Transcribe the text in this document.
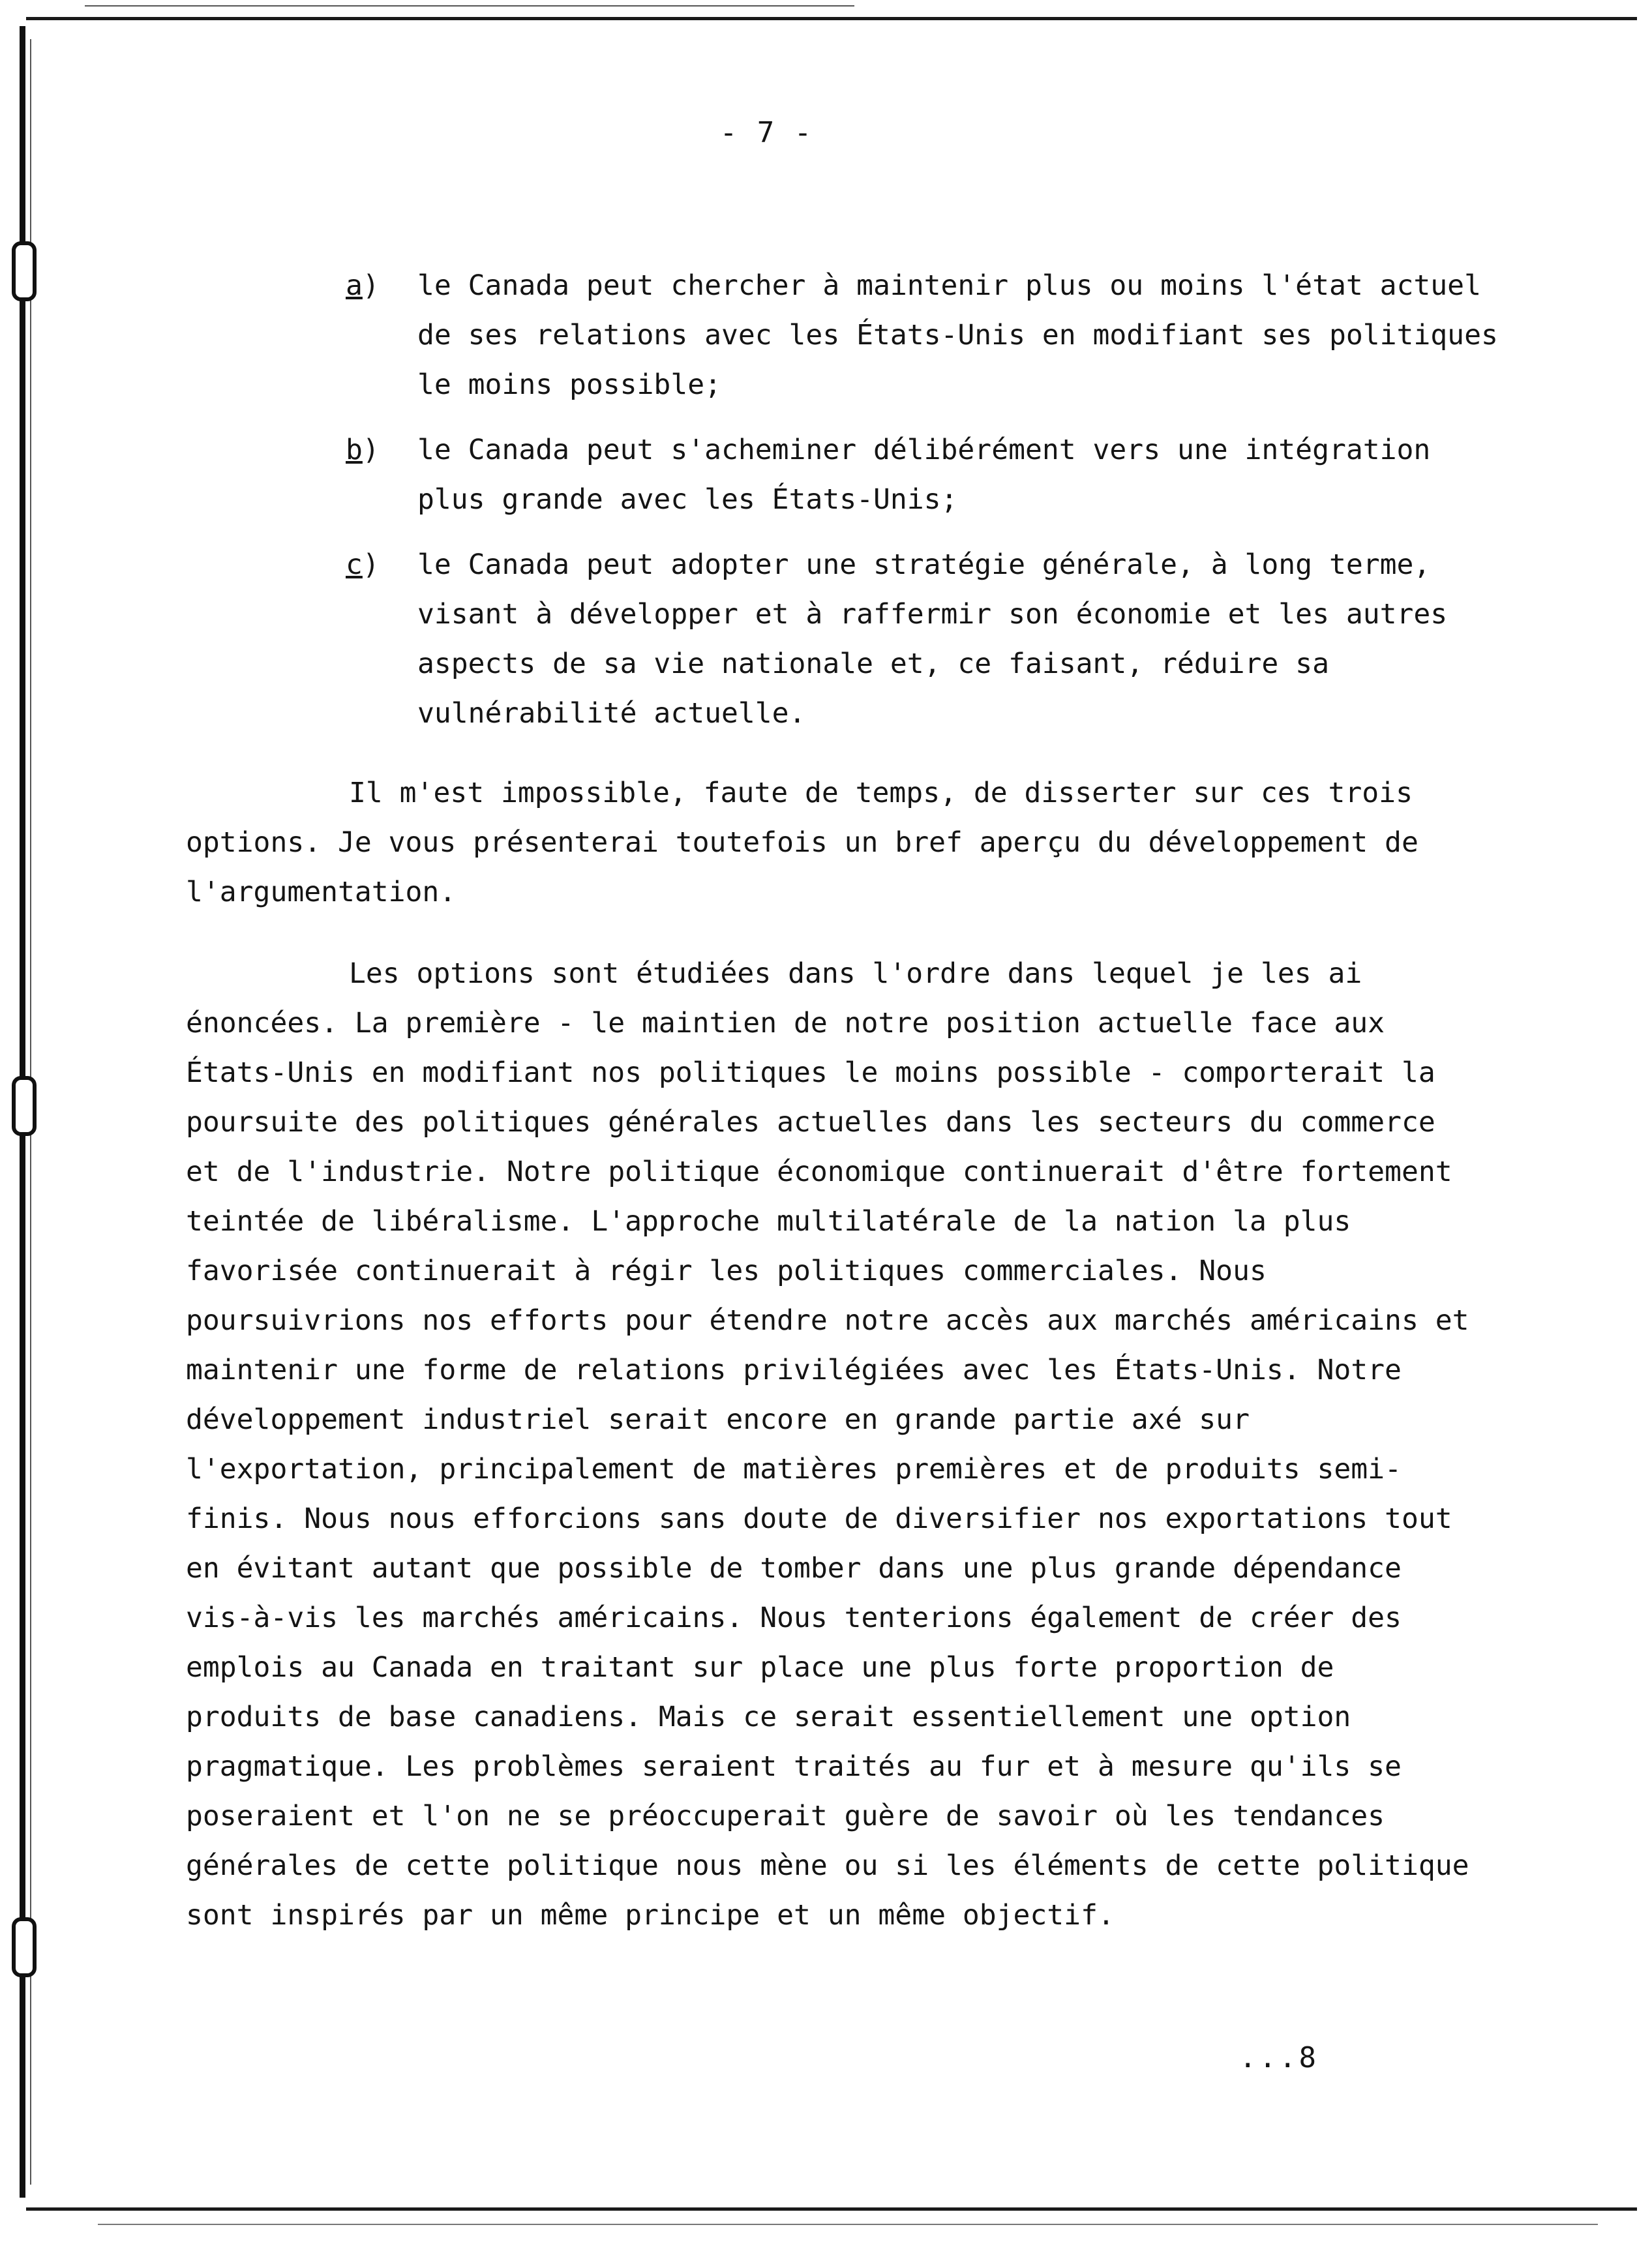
- 7 -
a) le Canada peut chercher à maintenir plus ou moins l'état actuel de ses relations avec les États-Unis en modifiant ses politiques le moins possible;
b) le Canada peut s'acheminer délibérément vers une intégration plus grande avec les États-Unis;
c) le Canada peut adopter une stratégie générale, à long terme, visant à développer et à raffermir son économie et les autres aspects de sa vie nationale et, ce faisant, réduire sa vulnérabilité actuelle.

Il m'est impossible, faute de temps, de disserter sur ces trois options. Je vous présenterai toutefois un bref aperçu du développement de l'argumentation.

Les options sont étudiées dans l'ordre dans lequel je les ai énoncées. La première - le maintien de notre position actuelle face aux États-Unis en modifiant nos politiques le moins possible - comporterait la poursuite des politiques générales actuelles dans les secteurs du commerce et de l'industrie. Notre politique économique continuerait d'être fortement teintée de libéralisme. L'approche multilatérale de la nation la plus favorisée continuerait à régir les politiques commerciales. Nous poursuivrions nos efforts pour étendre notre accès aux marchés américains et maintenir une forme de relations privilégiées avec les États-Unis. Notre développement industriel serait encore en grande partie axé sur l'exportation, principalement de matières premières et de produits semi-finis. Nous nous efforcions sans doute de diversifier nos exportations tout en évitant autant que possible de tomber dans une plus grande dépendance vis-à-vis les marchés américains. Nous tenterions également de créer des emplois au Canada en traitant sur place une plus forte proportion de produits de base canadiens. Mais ce serait essentiellement une option pragmatique. Les problèmes seraient traités au fur et à mesure qu'ils se poseraient et l'on ne se préoccuperait guère de savoir où les tendances générales de cette politique nous mène ou si les éléments de cette politique sont inspirés par un même principe et un même objectif.

...8
